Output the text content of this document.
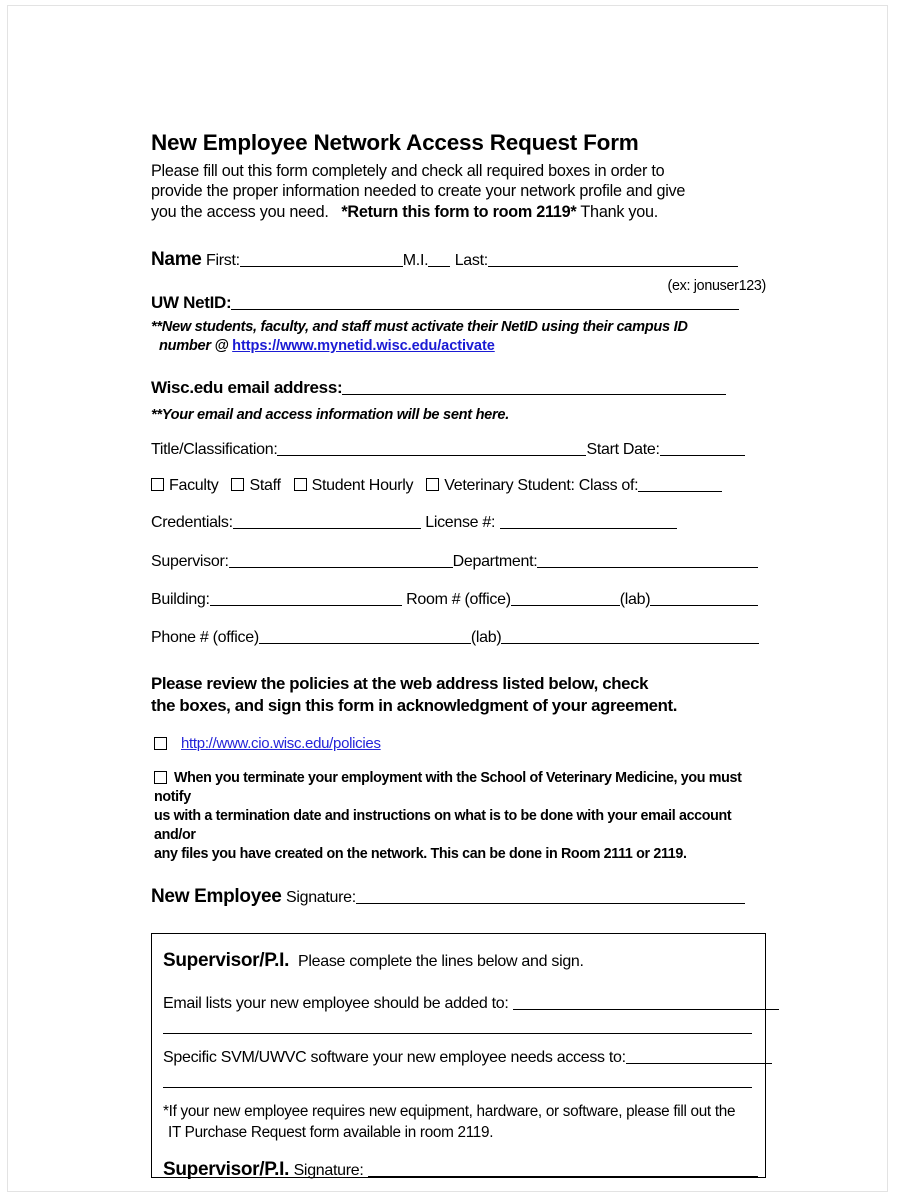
New Employee Network Access Request Form
Please fill out this form completely and check all required boxes in order to
provide the proper information needed to create your network profile and give
you the access you need. *Return this form to room 2119* Thank you.
Name First:	M.I. Last:
(ex: jonuser123)
UW NetID:
**New students, faculty, and staff must activate their NetID using their campus ID
number @ https://www.mynetid.wisc.edu/activate
Wisc.edu email address:
**Your email and access information will be sent here.
Title/Classification:	Start Date:
Faculty Staff Student Hourly Veterinary Student: Class of:
Credentials:	License #:
Supervisor:	Department:
Building:	Room # (office)	(lab)
Phone # (office)	(lab)
Please review the policies at the web address listed below, check
the boxes, and sign this form in acknowledgment of your agreement.
http://www.cio.wisc.edu/policies
When you terminate your employment with the School of Veterinary Medicine, you must notify
us with a termination date and instructions on what is to be done with your email account and/or
any files you have created on the network. This can be done in Room 2111 or 2119.
New Employee Signature:
Supervisor/P.I. Please complete the lines below and sign.
Email lists your new employee should be added to:
Specific SVM/UWVC software your new employee needs access to:
*If your new employee requires new equipment, hardware, or software, please fill out the
IT Purchase Request form available in room 2119.
Supervisor/P.I. Signature:
